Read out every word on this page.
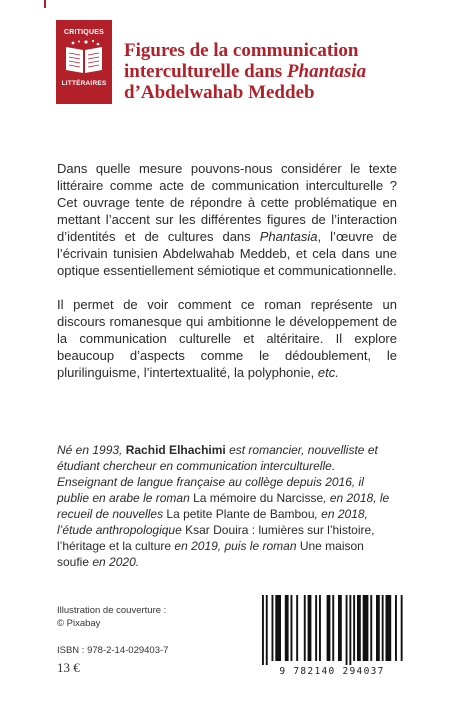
CRITIQUES
LITTÉRAIRES
Figures de la communication interculturelle dans Phantasia d’Abdelwahab Meddeb
Dans quelle mesure pouvons-nous considérer le texte littéraire comme acte de communication interculturelle ? Cet ouvrage tente de répondre à cette problématique en mettant l’accent sur les différentes figures de l’interaction d’identités et de cultures dans Phantasia, l’œuvre de l’écrivain tunisien Abdelwahab Meddeb, et cela dans une optique essentiellement sémiotique et communicationnelle.
Il permet de voir comment ce roman représente un discours romanesque qui ambitionne le développement de la communication culturelle et altéritaire. Il explore beaucoup d’aspects comme le dédoublement, le plurilinguisme, l’intertextualité, la polyphonie, etc.
Né en 1993, Rachid Elhachimi est romancier, nouvelliste et étudiant chercheur en communication interculturelle. Enseignant de langue française au collège depuis 2016, il publie en arabe le roman La mémoire du Narcisse, en 2018, le recueil de nouvelles La petite Plante de Bambou, en 2018, l’étude anthropologique Ksar Douira : lumières sur l’histoire, l’héritage et la culture en 2019, puis le roman Une maison soufie en 2020.
Illustration de couverture :
© Pixabay
ISBN : 978-2-14-029403-7
13 €	9 782140 294037
